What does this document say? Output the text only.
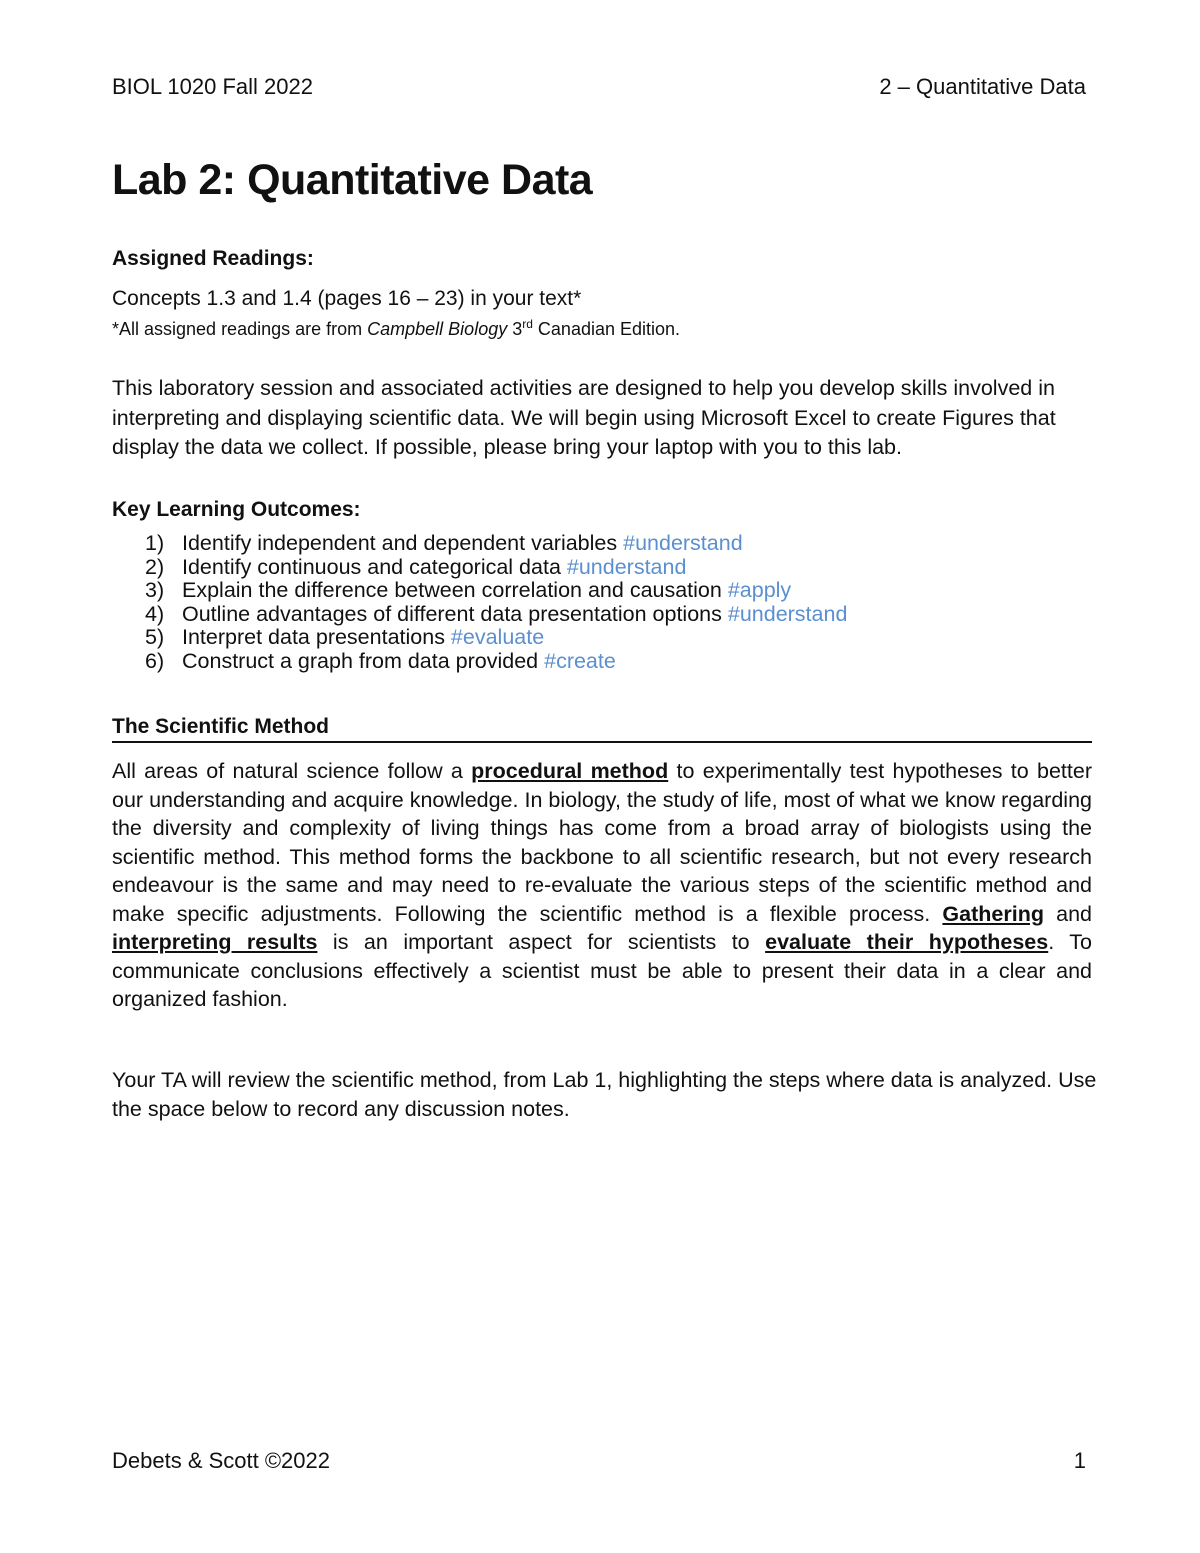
BIOL 1020 Fall 2022	2 – Quantitative Data
Lab 2: Quantitative Data

Assigned Readings:

Concepts 1.3 and 1.4 (pages 16 – 23) in your text*
*All assigned readings are from Campbell Biology 3rd Canadian Edition.

This laboratory session and associated activities are designed to help you develop skills involved in interpreting and displaying scientific data. We will begin using Microsoft Excel to create Figures that display the data we collect. If possible, please bring your laptop with you to this lab.

Key Learning Outcomes:

1) Identify independent and dependent variables #understand
2) Identify continuous and categorical data #understand
3) Explain the difference between correlation and causation #apply
4) Outline advantages of different data presentation options #understand
5) Interpret data presentations #evaluate
6) Construct a graph from data provided #create

The Scientific Method

All areas of natural science follow a procedural method to experimentally test hypotheses to better our understanding and acquire knowledge. In biology, the study of life, most of what we know regarding the diversity and complexity of living things has come from a broad array of biologists using the scientific method. This method forms the backbone to all scientific research, but not every research endeavour is the same and may need to re-evaluate the various steps of the scientific method and make specific adjustments. Following the scientific method is a flexible process. Gathering and interpreting results is an important aspect for scientists to evaluate their hypotheses. To communicate conclusions effectively a scientist must be able to present their data in a clear and organized fashion.

Your TA will review the scientific method, from Lab 1, highlighting the steps where data is analyzed. Use the space below to record any discussion notes.

Debets & Scott ©2022	1
